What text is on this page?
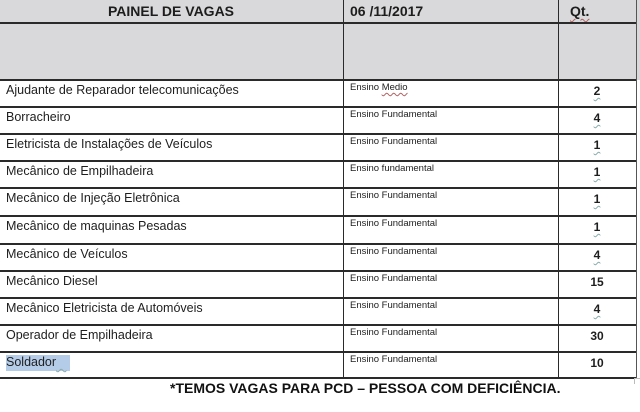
PAINEL DE VAGAS	06 /11/2017	Qt.
Ajudante de Reparador telecomunicações	Ensino Medio	2
Borracheiro	Ensino Fundamental	4
Eletricista de Instalações de Veículos	Ensino Fundamental	1
Mecânico de Empilhadeira	Ensino fundamental	1
Mecânico de Injeção Eletrônica	Ensino Fundamental	1
Mecânico de maquinas Pesadas	Ensino Fundamental	1
Mecânico de Veículos	Ensino Fundamental	4
Mecânico Diesel	Ensino Fundamental	15
Mecânico Eletricista de Automóveis	Ensino Fundamental	4
Operador de Empilhadeira	Ensino Fundamental	30
Soldador	Ensino Fundamental	10
*TEMOS VAGAS PARA PCD – PESSOA COM DEFICIÊNCIA.
